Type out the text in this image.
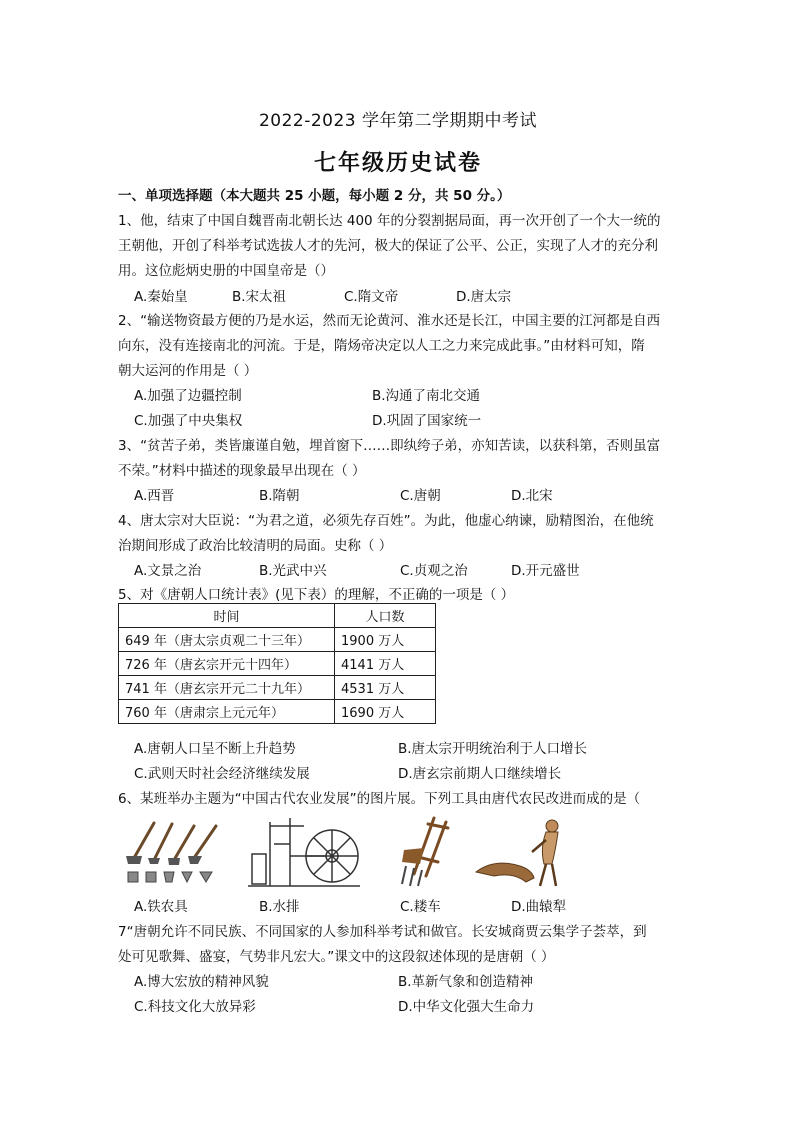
2022-2023 学年第二学期期中考试
七年级历史试卷
一、单项选择题（本大题共 25 小题，每小题 2 分，共 50 分。）
1、他，结束了中国自魏晋南北朝长达 400 年的分裂割据局面，再一次开创了一个大一统的
王朝他，开创了科举考试选拔人才的先河，极大的保证了公平、公正，实现了人才的充分利
用。这位彪炳史册的中国皇帝是（）
A.秦始皇	B.宋太祖	C.隋文帝	D.唐太宗
2、“输送物资最方便的乃是水运，然而无论黄河、淮水还是长江，中国主要的江河都是自西
向东，没有连接南北的河流。于是，隋炀帝决定以人工之力来完成此事。”由材料可知，隋
朝大运河的作用是（ ）
A.加强了边疆控制	B.沟通了南北交通
C.加强了中央集权	D.巩固了国家统一
3、“贫苦子弟，类皆廉谨自勉，埋首窗下……即纨绔子弟，亦知苦读，以获科第，否则虽富
不荣。”材料中描述的现象最早出现在（ ）
A.西晋	B.隋朝	C.唐朝	D.北宋
4、唐太宗对大臣说：“为君之道，必须先存百姓”。为此，他虚心纳谏，励精图治，在他统
治期间形成了政治比较清明的局面。史称（ ）
A.文景之治	B.光武中兴	C.贞观之治	D.开元盛世
5、对《唐朝人口统计表》(见下表）的理解，不正确的一项是（ ）
时间	人口数
649 年（唐太宗贞观二十三年）	1900 万人
726 年（唐玄宗开元十四年）	4141 万人
741 年（唐玄宗开元二十九年）	4531 万人
760 年（唐肃宗上元元年）	1690 万人
A.唐朝人口呈不断上升趋势	B.唐太宗开明统治利于人口增长
C.武则天时社会经济继续发展	D.唐玄宗前期人口继续增长
6、某班举办主题为“中国古代农业发展”的图片展。下列工具由唐代农民改进而成的是（
A.铁农具	B.水排	C.耧车	D.曲辕犁
7“唐朝允许不同民族、不同国家的人参加科举考试和做官。长安城商贾云集学子荟萃，到
处可见歌舞、盛宴，气势非凡宏大。”课文中的这段叙述体现的是唐朝（ ）
A.博大宏放的精神风貌	B.革新气象和创造精神
C.科技文化大放异彩	D.中华文化强大生命力
